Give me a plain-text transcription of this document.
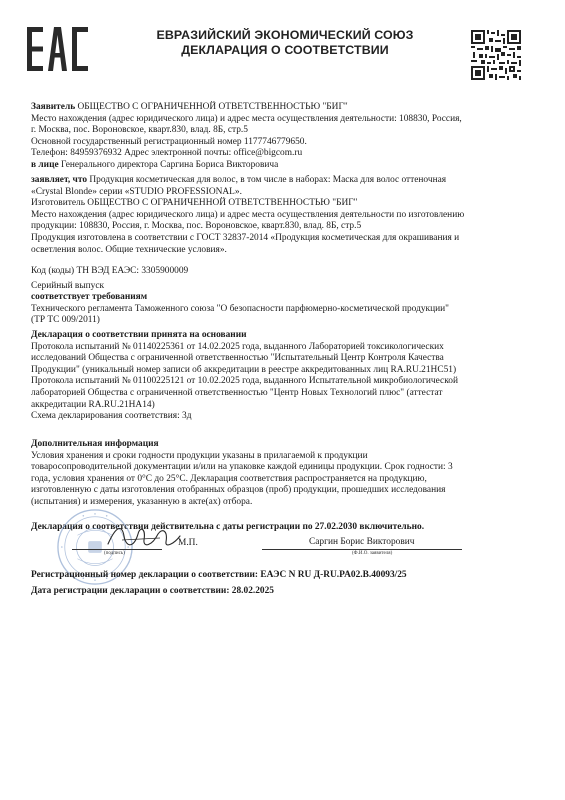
ЕВРАЗИЙСКИЙ ЭКОНОМИЧЕСКИЙ СОЮЗ
ДЕКЛАРАЦИЯ О СООТВЕТСТВИИ
Заявитель ОБЩЕСТВО С ОГРАНИЧЕННОЙ ОТВЕТСТВЕННОСТЬЮ "БИГ"
Место нахождения (адрес юридического лица) и адрес места осуществления деятельности: 108830, Россия,
г. Москва, пос. Вороновское, кварт.830, влад. 8Б, стр.5
Основной государственный регистрационный номер 1177746779650.
Телефон: 84959376932 Адрес электронной почты: office@bigcom.ru
в лице Генерального директора Саргина Бориса Викторовича
заявляет, что Продукция косметическая для волос, в том числе в наборах: Маска для волос оттеночная
«Crystal Blonde» серии «STUDIO PROFESSIONAL».
Изготовитель ОБЩЕСТВО С ОГРАНИЧЕННОЙ ОТВЕТСТВЕННОСТЬЮ "БИГ"
Место нахождения (адрес юридического лица) и адрес места осуществления деятельности по изготовлению
продукции: 108830, Россия, г. Москва, пос. Вороновское, кварт.830, влад. 8Б, стр.5
Продукция изготовлена в соответствии с ГОСТ 32837-2014 «Продукция косметическая для окрашивания и
осветления волос. Общие технические условия».
Код (коды) ТН ВЭД ЕАЭС: 3305900009
Серийный выпуск
соответствует требованиям
Технического регламента Таможенного союза "О безопасности парфюмерно-косметической продукции"
(ТР ТС 009/2011)
Декларация о соответствии принята на основании
Протокола испытаний № 01140225361 от 14.02.2025 года, выданного Лабораторией токсикологических
исследований Общества с ограниченной ответственностью "Испытательный Центр Контроля Качества
Продукции" (уникальный номер записи об аккредитации в реестре аккредитованных лиц RA.RU.21НС51)
Протокола испытаний № 01100225121 от 10.02.2025 года, выданного Испытательной микробиологической
лабораторией Общества с ограниченной ответственностью "Центр Новых Технологий плюс" (аттестат
аккредитации RA.RU.21НА14)
Схема декларирования соответствия: 3д
Дополнительная информация
Условия хранения и сроки годности продукции указаны в прилагаемой к продукции
товаросопроводительной документации и/или на упаковке каждой единицы продукции. Срок годности: 3
года, условия хранения от 0°С до 25°С. Декларация соответствия распространяется на продукцию,
изготовленную с даты изготовления отобранных образцов (проб) продукции, прошедших исследования
(испытания) и измерения, указанную в акте(ах) отбора.
Декларация о соответствии действительна с даты регистрации по 27.02.2030 включительно.
М.П.	Саргин Борис Викторович
(подпись)	(Ф.И.О. заявителя)
Регистрационный номер декларации о соответствии: ЕАЭС N RU Д-RU.PA02.В.40093/25
Дата регистрации декларации о соответствии: 28.02.2025
